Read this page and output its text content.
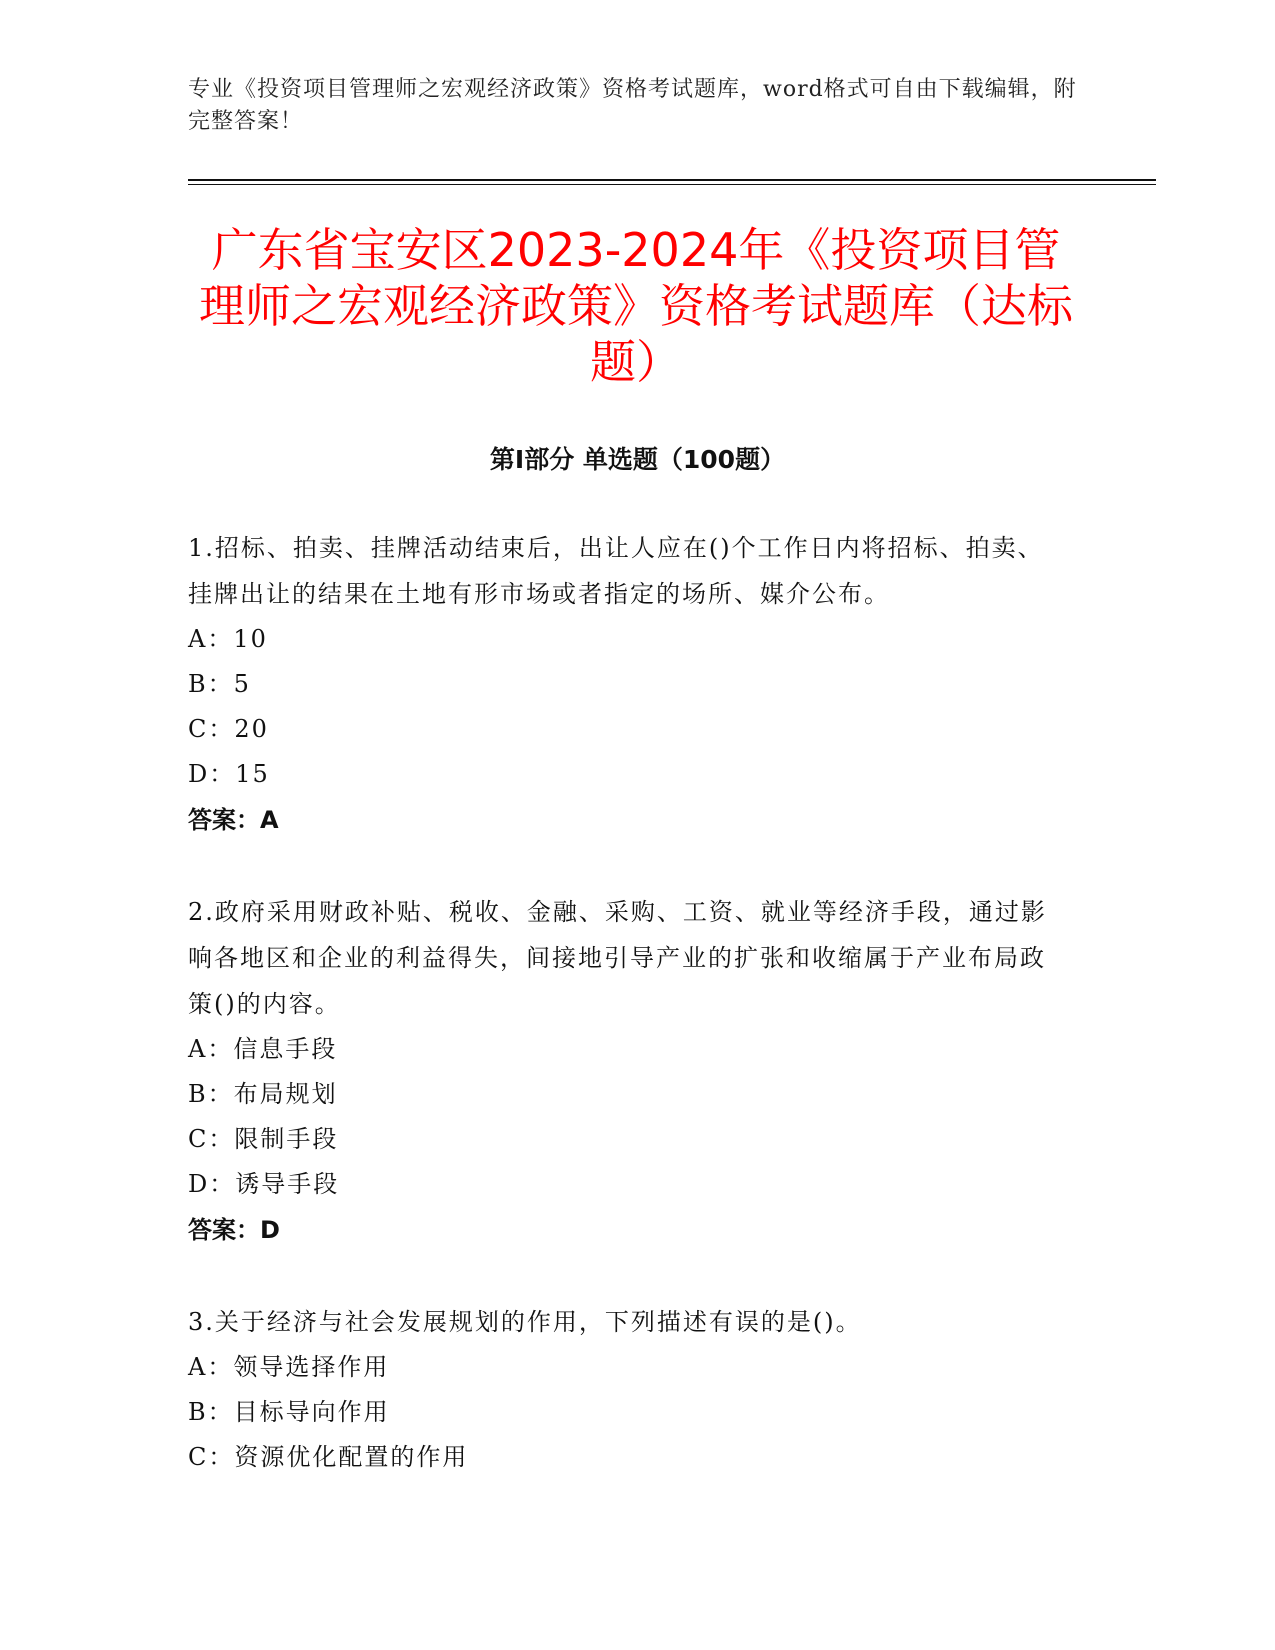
专业《投资项目管理师之宏观经济政策》资格考试题库，word格式可自由下载编辑，附完整答案！
广东省宝安区2023-2024年《投资项目管理师之宏观经济政策》资格考试题库（达标题）
第I部分 单选题（100题）

1.招标、拍卖、挂牌活动结束后，出让人应在()个工作日内将招标、拍卖、挂牌出让的结果在土地有形市场或者指定的场所、媒介公布。

A：10

B：5

C：20

D：15

答案：A

2.政府采用财政补贴、税收、金融、采购、工资、就业等经济手段，通过影响各地区和企业的利益得失，间接地引导产业的扩张和收缩属于产业布局政策()的内容。

A：信息手段

B：布局规划

C：限制手段

D：诱导手段

答案：D

3.关于经济与社会发展规划的作用，下列描述有误的是()。

A：领导选择作用

B：目标导向作用

C：资源优化配置的作用
